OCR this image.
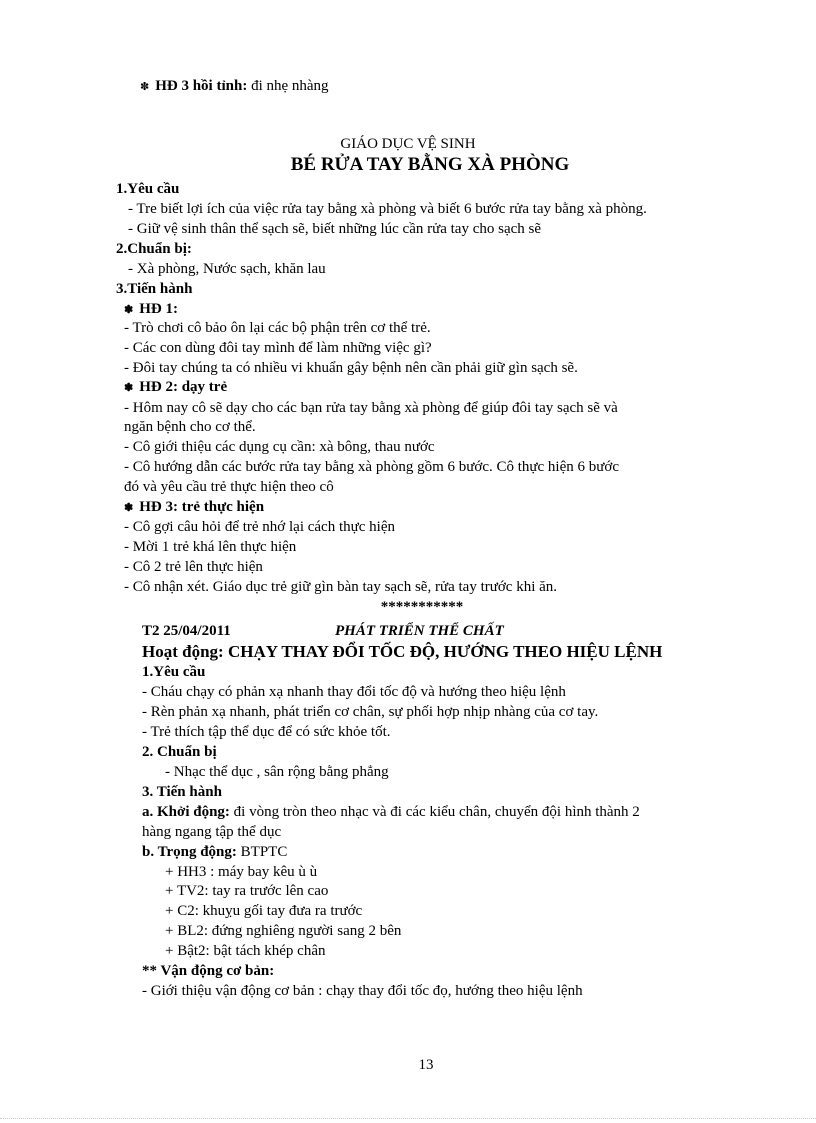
✽ HĐ 3 hồi tỉnh: đi nhẹ nhàng
GIÁO DỤC VỆ SINH
BÉ RỬA TAY BẰNG XÀ PHÒNG
1.Yêu cầu
- Tre biết lợi ích của việc rửa tay bằng xà phòng và biết 6 bước rửa tay bằng xà phòng.
- Giữ vệ sinh thân thể sạch sẽ, biết những lúc cần rửa tay cho sạch sẽ
2.Chuẩn bị:
- Xà phòng, Nước sạch, khăn lau
3.Tiến hành
✽ HĐ 1:
- Trò chơi cô bảo ôn lại các bộ phận trên cơ thể trẻ.
- Các con dùng đôi tay mình để làm những việc gì?
- Đôi tay chúng ta có nhiều vi khuẩn gây bệnh nên cần phải giữ gìn sạch sẽ.
✽ HĐ 2: dạy trẻ
- Hôm nay cô sẽ dạy cho các bạn rửa tay bằng xà phòng để giúp đôi tay sạch sẽ và
ngăn bệnh cho cơ thể.
- Cô giới thiệu các dụng cụ cần: xà bông, thau nước
- Cô hướng dẫn các bước rửa tay bằng xà phòng gồm 6 bước. Cô thực hiện 6 bước
đó và yêu cầu trẻ thực hiện theo cô
✽ HĐ 3: trẻ thực hiện
- Cô gợi câu hỏi để trẻ nhớ lại cách thực hiện
- Mời 1 trẻ khá lên thực hiện
- Cô 2 trẻ lên thực hiện
- Cô nhận xét. Giáo dục trẻ giữ gìn bàn tay sạch sẽ, rửa tay trước khi ăn.
***********
T2 25/04/2011	PHÁT TRIỂN THỂ CHẤT
Hoạt động: CHẠY THAY ĐỔI TỐC ĐỘ, HƯỚNG THEO HIỆU LỆNH
1.Yêu cầu
- Cháu chạy có phản xạ nhanh thay đổi tốc độ và hướng theo hiệu lệnh
- Rèn phản xạ nhanh, phát triển cơ chân, sự phối hợp nhịp nhàng của cơ tay.
- Trẻ thích tập thể dục để có sức khỏe tốt.
2. Chuẩn bị
- Nhạc thể dục , sân rộng bằng phẳng
3. Tiến hành
a. Khởi động: đi vòng tròn theo nhạc và đi các kiểu chân, chuyển đội hình thành 2
hàng ngang tập thể dục
b. Trọng động: BTPTC
+ HH3 : máy bay kêu ù ù
+ TV2: tay ra trước lên cao
+ C2: khuỵu gối tay đưa ra trước
+ BL2: đứng nghiêng người sang 2 bên
+ Bật2: bật tách khép chân
** Vận động cơ bản:
- Giới thiệu vận động cơ bản : chạy thay đổi tốc đọ, hướng theo hiệu lệnh
13
